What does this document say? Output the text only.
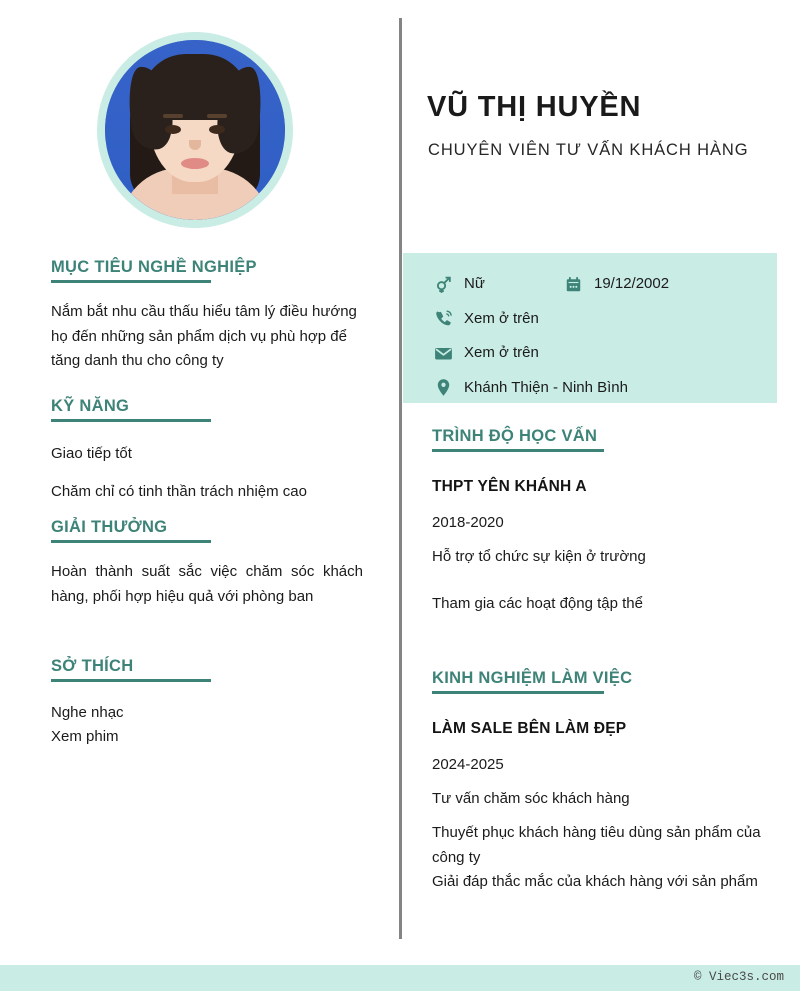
MỤC TIÊU NGHỀ NGHIỆP
Nắm bắt nhu cầu thấu hiểu tâm lý điều hướng họ đến những sản phẩm dịch vụ phù hợp để tăng danh thu cho công ty
KỸ NĂNG
Giao tiếp tốt
Chăm chỉ có tinh thần trách nhiệm cao
GIẢI THƯỞNG
Hoàn thành suất sắc việc chăm sóc khách hàng, phối hợp hiệu quả với phòng ban
SỞ THÍCH
Nghe nhạc
Xem phim
VŨ THỊ HUYỀN
CHUYÊN VIÊN TƯ VẤN KHÁCH HÀNG
Nữ	19/12/2002
Xem ở trên
Xem ở trên
Khánh Thiện - Ninh Bình
TRÌNH ĐỘ HỌC VẤN
THPT YÊN KHÁNH A
2018-2020
Hỗ trợ tổ chức sự kiện ở trường
Tham gia các hoạt động tập thể
KINH NGHIỆM LÀM VIỆC
LÀM SALE BÊN LÀM ĐẸP
2024-2025
Tư vấn chăm sóc khách hàng
Thuyết phục khách hàng tiêu dùng sản phẩm của công ty
Giải đáp thắc mắc của khách hàng với sản phẩm
© Viec3s.com
